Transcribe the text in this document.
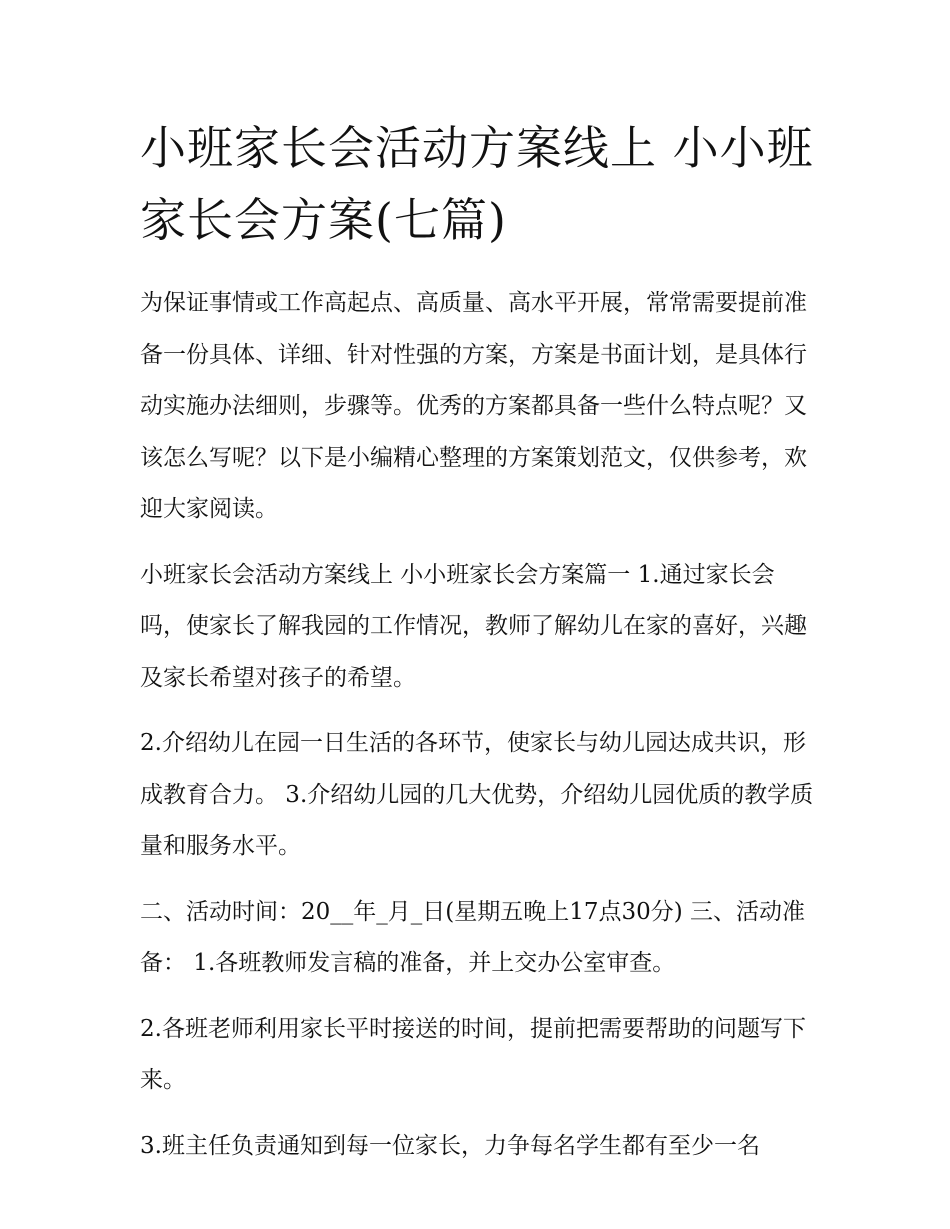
小班家长会活动方案线上 小小班家长会方案(七篇)

为保证事情或工作高起点、高质量、高水平开展，常常需要提前准备一份具体、详细、针对性强的方案，方案是书面计划，是具体行动实施办法细则，步骤等。优秀的方案都具备一些什么特点呢？又该怎么写呢？以下是小编精心整理的方案策划范文，仅供参考，欢迎大家阅读。

小班家长会活动方案线上 小小班家长会方案篇一 1.通过家长会吗，使家长了解我园的工作情况，教师了解幼儿在家的喜好，兴趣及家长希望对孩子的希望。

2.介绍幼儿在园一日生活的各环节，使家长与幼儿园达成共识，形成教育合力。 3.介绍幼儿园的几大优势，介绍幼儿园优质的教学质量和服务水平。

二、活动时间：20__年_月_日(星期五晚上17点30分) 三、活动准备： 1.各班教师发言稿的准备，并上交办公室审查。

2.各班老师利用家长平时接送的时间，提前把需要帮助的问题写下来。

3.班主任负责通知到每一位家长，力争每名学生都有至少一名
